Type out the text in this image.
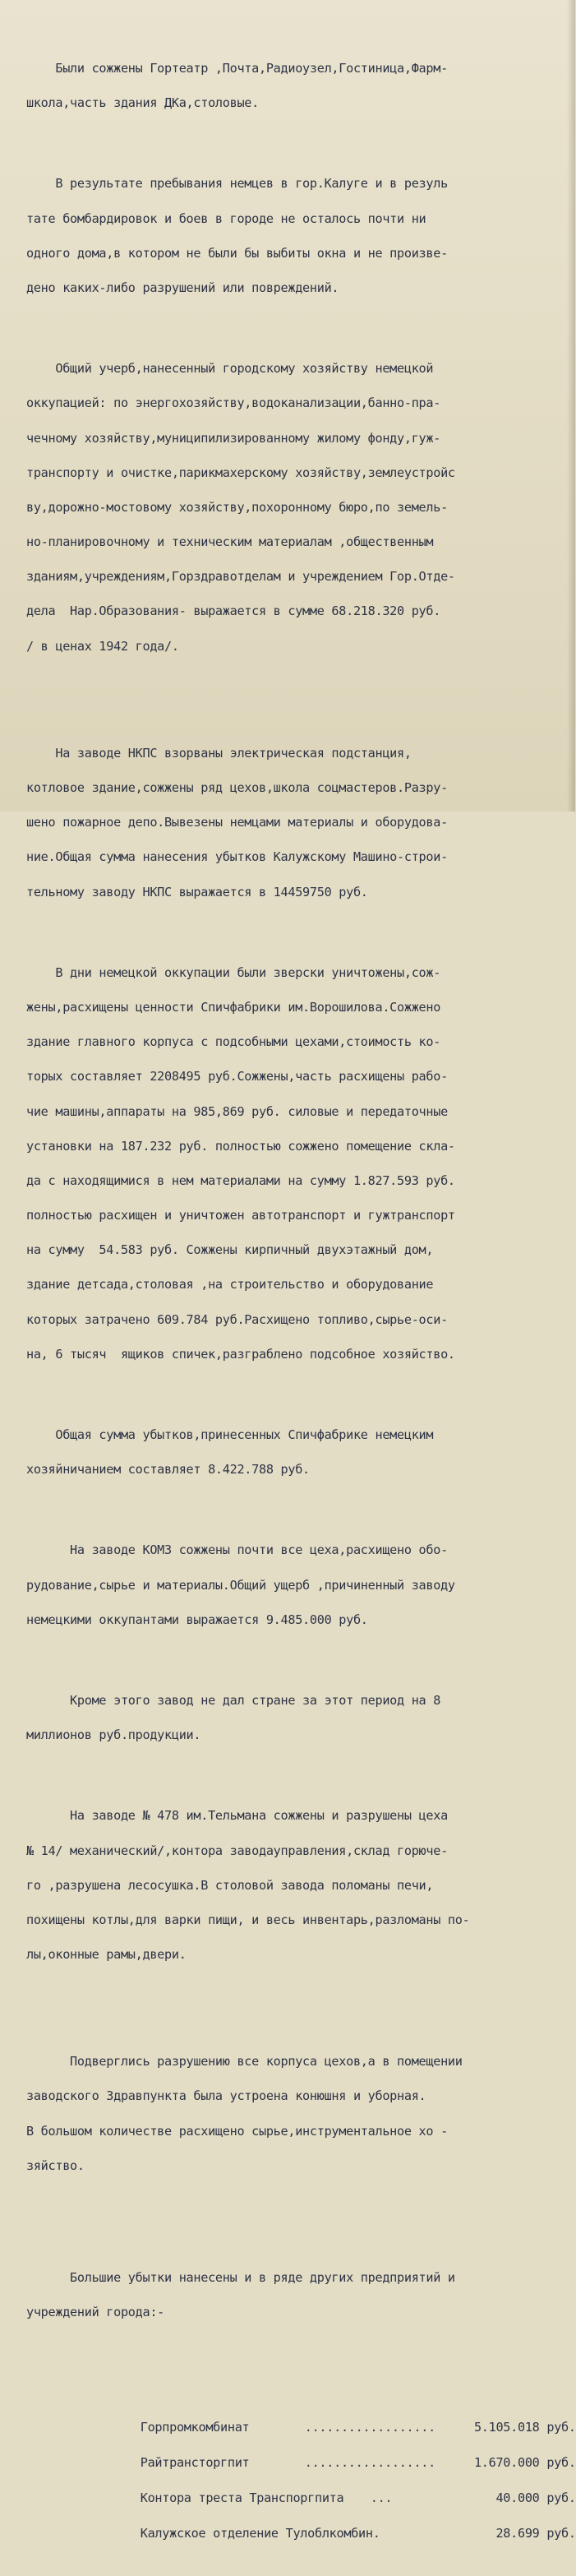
Были сожжены Гортеатр ,Почта,Радиоузел,Гостиница,Фарм-

школа,часть здания ДКа,столовые.

В результате пребывания немцев в гор.Калуге и в резуль

тате бомбардировок и боев в городе не осталось почти ни

одного дома,в котором не были бы выбиты окна и не произве-

дено каких-либо разрушений или повреждений.

Общий учерб,нанесенный городскому хозяйству немецкой

оккупацией: по энергохозяйству,водоканализации,банно-пра-

чечному хозяйству,муниципилизированному жилому фонду,гуж-

транспорту и очистке,парикмахерскому хозяйству,землеустройс

ву,дорожно-мостовому хозяйству,похоронному бюро,по земель-

но-планировочному и техническим материалам ,общественным

зданиям,учреждениям,Горздравотделам и учреждением Гор.Отде-

дела  Нар.Образования- выражается в сумме 68.218.320 руб.

/ в ценах 1942 года/.

На заводе НКПС взорваны электрическая подстанция,

котловое здание,сожжены ряд цехов,школа соцмастеров.Разру-

шено пожарное депо.Вывезены немцами материалы и оборудова-

ние.Общая сумма нанесения убытков Калужскому Машино-строи-

тельному заводу НКПС выражается в 14459750 руб.

В дни немецкой оккупации были зверски уничтожены,сож-

жены,расхищены ценности Спичфабрики им.Ворошилова.Сожжено

здание главного корпуса с подсобными цехами,стоимость ко-

торых составляет 2208495 руб.Сожжены,часть расхищены рабо-

чие машины,аппараты на 985,869 руб. силовые и передаточные

установки на 187.232 руб. полностью сожжено помещение скла-

да с находящимися в нем материалами на сумму 1.827.593 руб.

полностью расхищен и уничтожен автотранспорт и гужтранспорт

на сумму  54.583 руб. Сожжены кирпичный двухэтажный дом,

здание детсада,столовая ,на строительство и оборудование

которых затрачено 609.784 руб.Расхищено топливо,сырье-оси-

на, 6 тысяч  ящиков спичек,разграблено подсобное хозяйство.

Общая сумма убытков,принесенных Спичфабрике немецким

хозяйничанием составляет 8.422.788 руб.

На заводе КОМЗ сожжены почти все цеха,расхищено обо-

рудование,сырье и материалы.Общий ущерб ,причиненный заводу

немецкими оккупантами выражается 9.485.000 руб.

Кроме этого завод не дал стране за этот период на 8

миллионов руб.продукции.

На заводе № 478 им.Тельмана сожжены и разрушены цеха

№ 14/ механический/,контора заводауправления,склад горюче-

го ,разрушена лесосушка.В столовой завода поломаны печи,

похищены котлы,для варки пищи, и весь инвентарь,разломаны по-

лы,оконные рамы,двери.

Подверглись разрушению все корпуса цехов,а в помещении

заводского Здравпункта была устроена конюшня и уборная.

В большом количестве расхищено сырье,инструментальное хо -

зяйство.

Большие убытки нанесены и в ряде других предприятий и

учреждений города:-

Горпромкомбинат	..................	5.105.018 руб.

Райтрансторгпит	..................	1.670.000 руб.

Контора треста Транспоргпита ...	40.000 руб.

Калужское отделение Тулоблкомбин.	28.699 руб.
